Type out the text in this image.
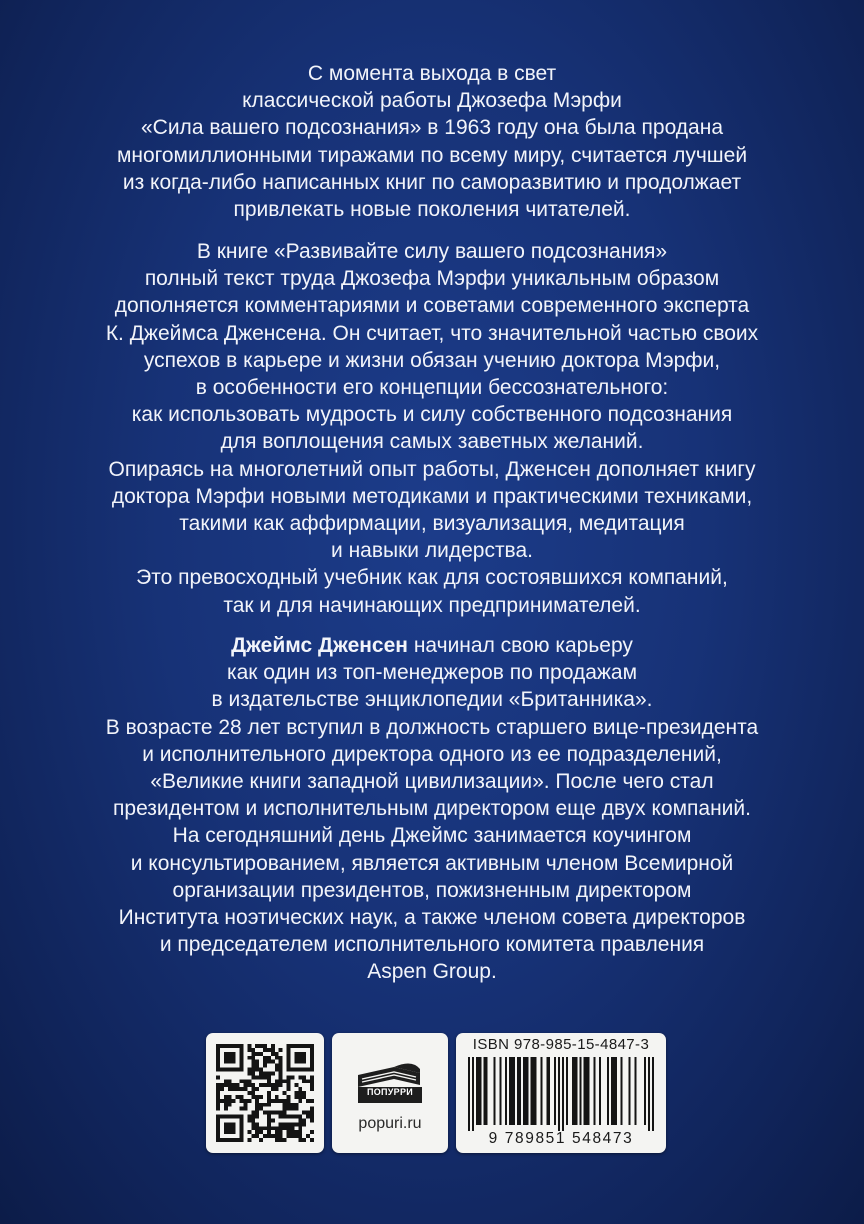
С момента выхода в свет
классической работы Джозефа Мэрфи
«Сила вашего подсознания» в 1963 году она была продана
многомиллионными тиражами по всему миру, считается лучшей
из когда-либо написанных книг по саморазвитию и продолжает
привлекать новые поколения читателей.
В книге «Развивайте силу вашего подсознания»
полный текст труда Джозефа Мэрфи уникальным образом
дополняется комментариями и советами современного эксперта
К. Джеймса Дженсена. Он считает, что значительной частью своих
успехов в карьере и жизни обязан учению доктора Мэрфи,
в особенности его концепции бессознательного:
как использовать мудрость и силу собственного подсознания
для воплощения самых заветных желаний.
Опираясь на многолетний опыт работы, Дженсен дополняет книгу
доктора Мэрфи новыми методиками и практическими техниками,
такими как аффирмации, визуализация, медитация
и навыки лидерства.
Это превосходный учебник как для состоявшихся компаний,
так и для начинающих предпринимателей.
Джеймс Дженсен начинал свою карьеру
как один из топ-менеджеров по продажам
в издательстве энциклопедии «Британника».
В возрасте 28 лет вступил в должность старшего вице-президента
и исполнительного директора одного из ее подразделений,
«Великие книги западной цивилизации». После чего стал
президентом и исполнительным директором еще двух компаний.
На сегодняшний день Джеймс занимается коучингом
и консультированием, является активным членом Всемирной
организации президентов, пожизненным директором
Института ноэтических наук, а также членом совета директоров
и председателем исполнительного комитета правления
Aspen Group.
ПОПУРРИ
popuri.ru
ISBN 978-985-15-4847-3
9 789851 548473
